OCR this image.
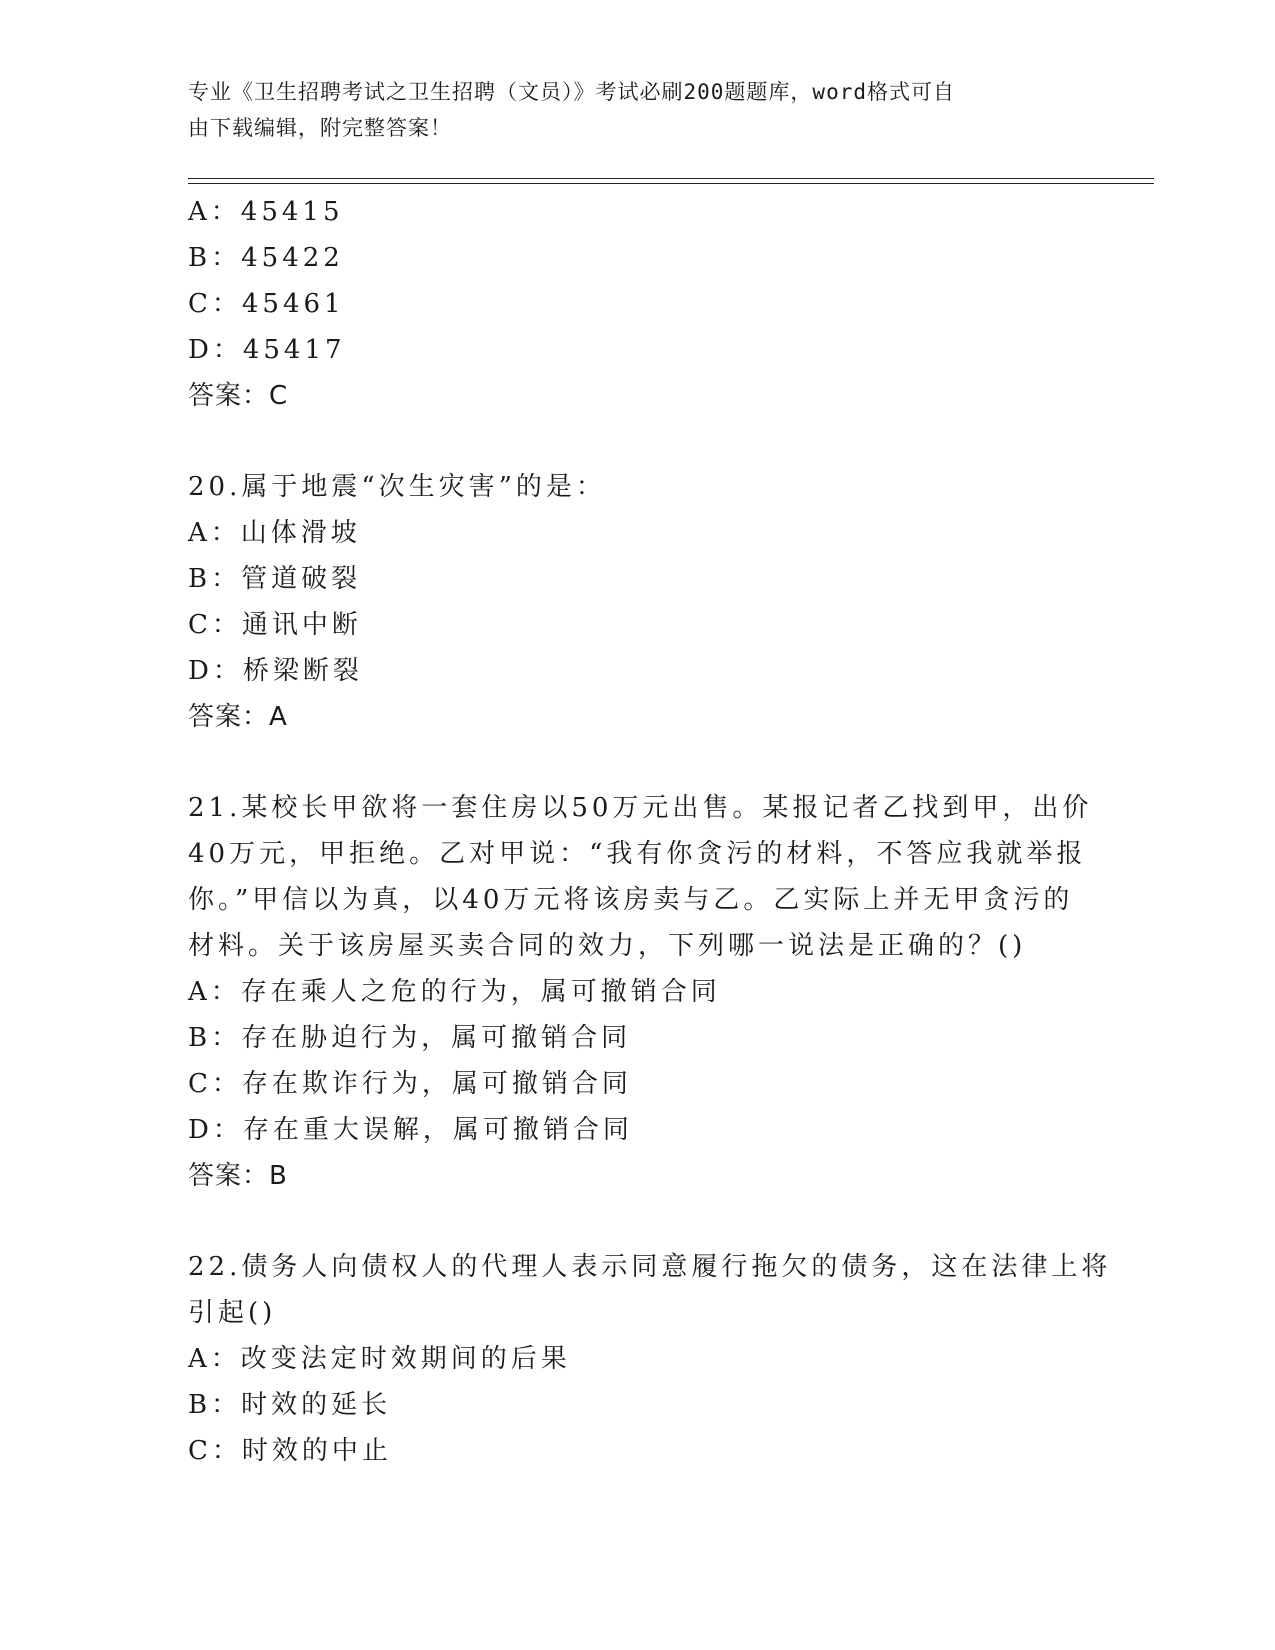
专业《卫生招聘考试之卫生招聘（文员）》考试必刷200题题库，word格式可自
由下载编辑，附完整答案！
A：45415
B：45422
C：45461
D：45417
答案：C
20.属于地震“次生灾害”的是：
A：山体滑坡
B：管道破裂
C：通讯中断
D：桥梁断裂
答案：A
21.某校长甲欲将一套住房以50万元出售。某报记者乙找到甲，出价
40万元，甲拒绝。乙对甲说：“我有你贪污的材料，不答应我就举报
你。”甲信以为真，以40万元将该房卖与乙。乙实际上并无甲贪污的
材料。关于该房屋买卖合同的效力，下列哪一说法是正确的？()
A：存在乘人之危的行为，属可撤销合同
B：存在胁迫行为，属可撤销合同
C：存在欺诈行为，属可撤销合同
D：存在重大误解，属可撤销合同
答案：B
22.债务人向债权人的代理人表示同意履行拖欠的债务，这在法律上将
引起()
A：改变法定时效期间的后果
B：时效的延长
C：时效的中止
